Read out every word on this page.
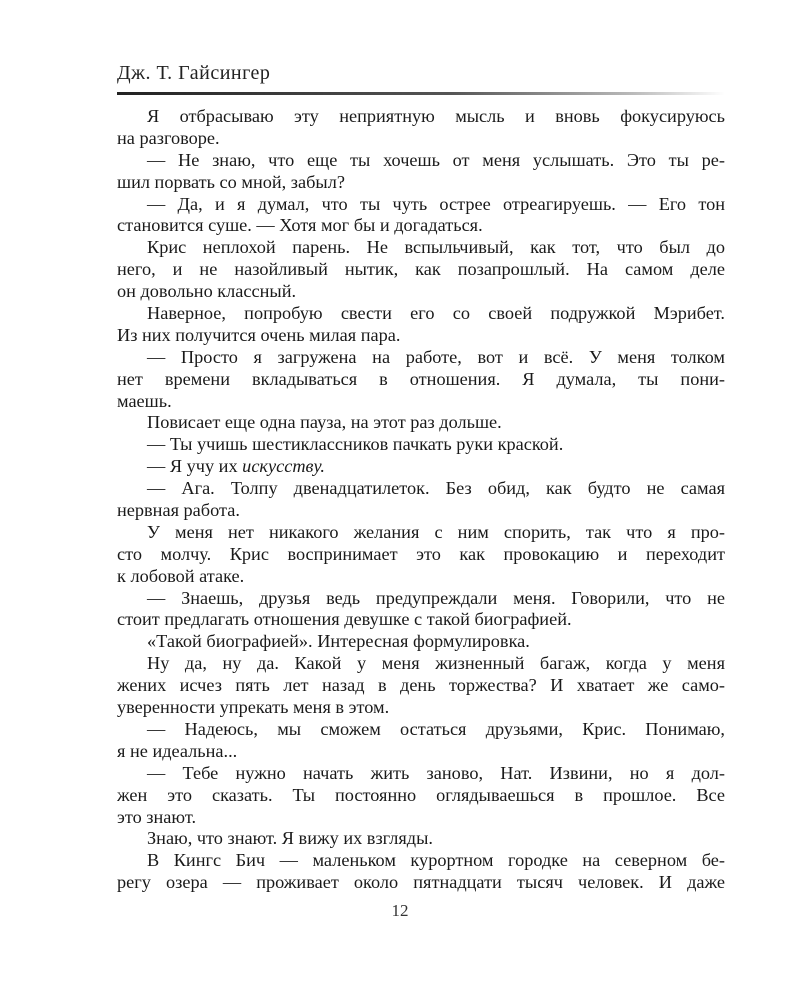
Дж. Т. Гайсингер
Я отбрасываю эту неприятную мысль и вновь фокусируюсь
на разговоре.
— Не знаю, что еще ты хочешь от меня услышать. Это ты ре-
шил порвать со мной, забыл?
— Да, и я думал, что ты чуть острее отреагируешь. — Его тон
становится суше. — Хотя мог бы и догадаться.
Крис неплохой парень. Не вспыльчивый, как тот, что был до
него, и не назойливый нытик, как позапрошлый. На самом деле
он довольно классный.
Наверное, попробую свести его со своей подружкой Мэрибет.
Из них получится очень милая пара.
— Просто я загружена на работе, вот и всё. У меня толком
нет времени вкладываться в отношения. Я думала, ты пони-
маешь.
Повисает еще одна пауза, на этот раз дольше.
— Ты учишь шестиклассников пачкать руки краской.
— Я учу их искусству.
— Ага. Толпу двенадцатилеток. Без обид, как будто не самая
нервная работа.
У меня нет никакого желания с ним спорить, так что я про-
сто молчу. Крис воспринимает это как провокацию и переходит
к лобовой атаке.
— Знаешь, друзья ведь предупреждали меня. Говорили, что не
стоит предлагать отношения девушке с такой биографией.
«Такой биографией». Интересная формулировка.
Ну да, ну да. Какой у меня жизненный багаж, когда у меня
жених исчез пять лет назад в день торжества? И хватает же само-
уверенности упрекать меня в этом.
— Надеюсь, мы сможем остаться друзьями, Крис. Понимаю,
я не идеальна...
— Тебе нужно начать жить заново, Нат. Извини, но я дол-
жен это сказать. Ты постоянно оглядываешься в прошлое. Все
это знают.
Знаю, что знают. Я вижу их взгляды.
В Кингс Бич — маленьком курортном городке на северном бе-
регу озера — проживает около пятнадцати тысяч человек. И даже
12
